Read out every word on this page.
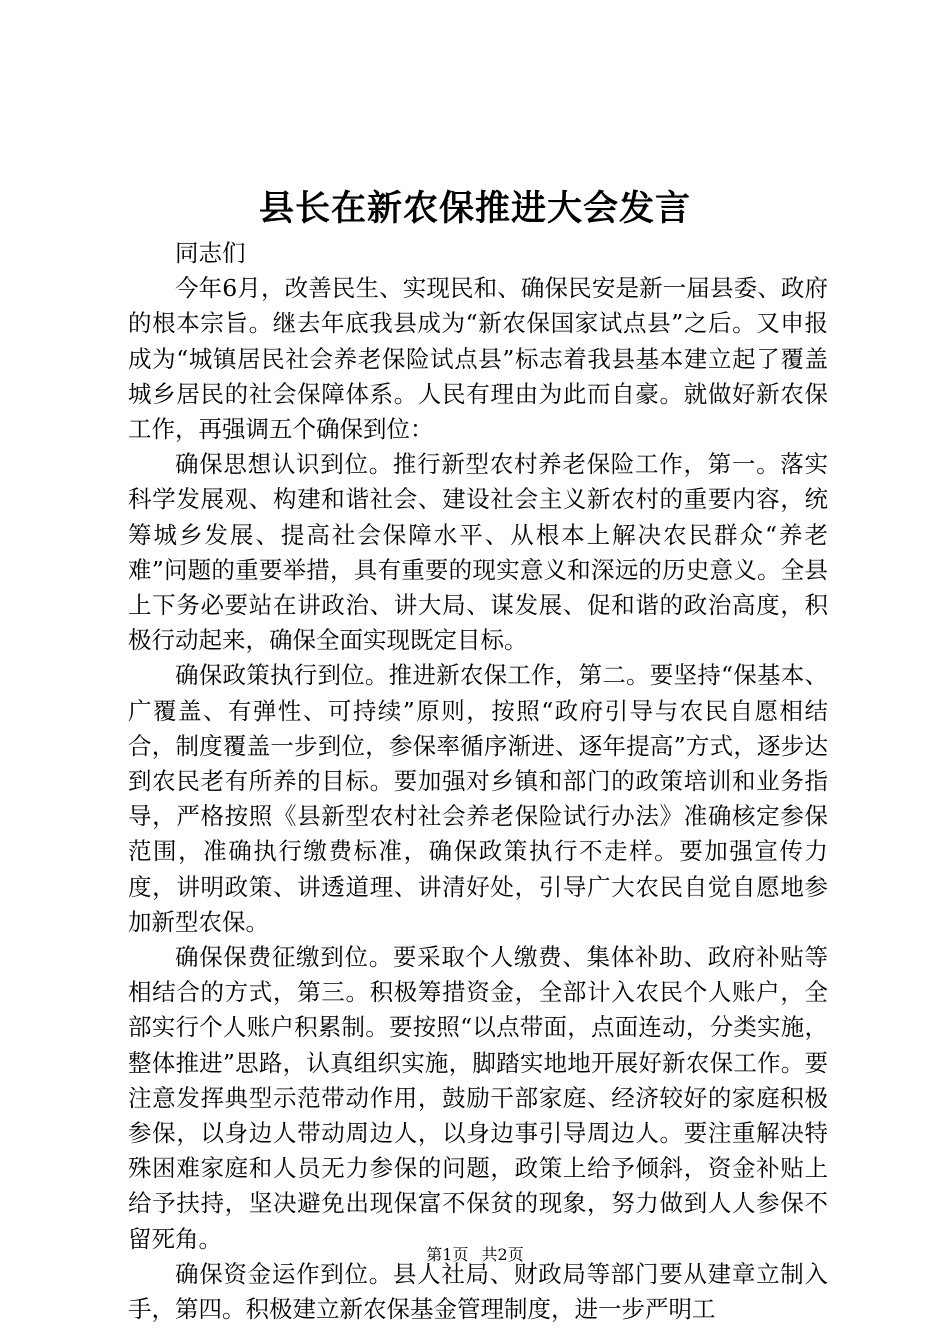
县长在新农保推进大会发言

同志们

今年6月，改善民生、实现民和、确保民安是新一届县委、政府的根本宗旨。继去年底我县成为“新农保国家试点县”之后。又申报成为“城镇居民社会养老保险试点县”标志着我县基本建立起了覆盖城乡居民的社会保障体系。人民有理由为此而自豪。就做好新农保工作，再强调五个确保到位：

确保思想认识到位。推行新型农村养老保险工作，第一。落实科学发展观、构建和谐社会、建设社会主义新农村的重要内容，统筹城乡发展、提高社会保障水平、从根本上解决农民群众“养老难”问题的重要举措，具有重要的现实意义和深远的历史意义。全县上下务必要站在讲政治、讲大局、谋发展、促和谐的政治高度，积极行动起来，确保全面实现既定目标。

确保政策执行到位。推进新农保工作，第二。要坚持“保基本、广覆盖、有弹性、可持续”原则，按照“政府引导与农民自愿相结合，制度覆盖一步到位，参保率循序渐进、逐年提高”方式，逐步达到农民老有所养的目标。要加强对乡镇和部门的政策培训和业务指导，严格按照《县新型农村社会养老保险试行办法》准确核定参保范围，准确执行缴费标准，确保政策执行不走样。要加强宣传力度，讲明政策、讲透道理、讲清好处，引导广大农民自觉自愿地参加新型农保。

确保保费征缴到位。要采取个人缴费、集体补助、政府补贴等相结合的方式，第三。积极筹措资金，全部计入农民个人账户，全部实行个人账户积累制。要按照“以点带面，点面连动，分类实施，整体推进”思路，认真组织实施，脚踏实地地开展好新农保工作。要注意发挥典型示范带动作用，鼓励干部家庭、经济较好的家庭积极参保，以身边人带动周边人，以身边事引导周边人。要注重解决特殊困难家庭和人员无力参保的问题，政策上给予倾斜，资金补贴上给予扶持，坚决避免出现保富不保贫的现象，努力做到人人参保不留死角。

确保资金运作到位。县人社局、财政局等部门要从建章立制入手，第四。积极建立新农保基金管理制度，进一步严明工

第1页 共2页
